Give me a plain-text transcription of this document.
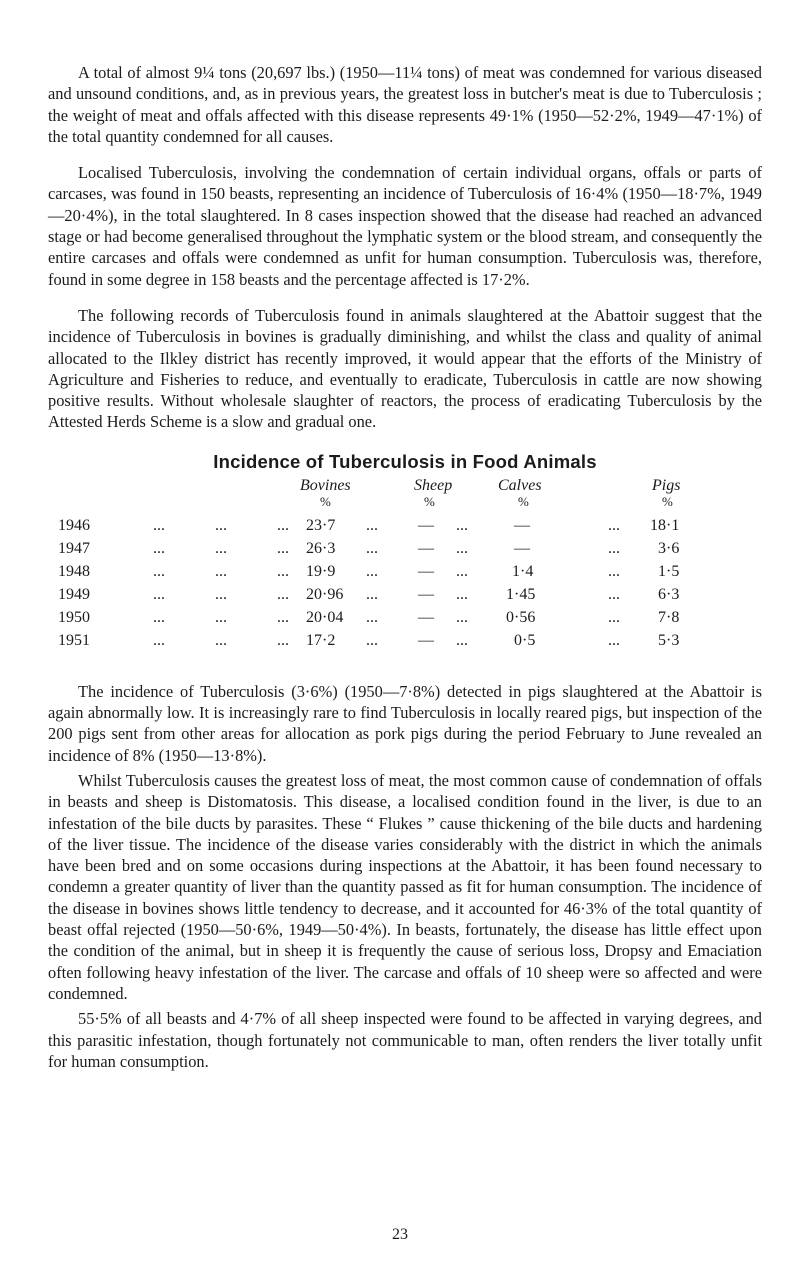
A total of almost 9¼ tons (20,697 lbs.) (1950—11¼ tons) of meat was condemned for various diseased and unsound conditions, and, as in previous years, the greatest loss in butcher's meat is due to Tuberculosis ; the weight of meat and offals affected with this disease represents 49·1% (1950—52·2%, 1949—47·1%) of the total quantity condemned for all causes.

Localised Tuberculosis, involving the condemnation of certain individual organs, offals or parts of carcases, was found in 150 beasts, representing an incidence of Tuberculosis of 16·4% (1950—18·7%, 1949—20·4%), in the total slaughtered. In 8 cases inspection showed that the disease had reached an advanced stage or had become generalised throughout the lymphatic system or the blood stream, and consequently the entire carcases and offals were condemned as unfit for human consumption. Tuberculosis was, therefore, found in some degree in 158 beasts and the percentage affected is 17·2%.

The following records of Tuberculosis found in animals slaughtered at the Abattoir suggest that the incidence of Tuberculosis in bovines is gradually diminishing, and whilst the class and quality of animal allocated to the Ilkley district has recently improved, it would appear that the efforts of the Ministry of Agriculture and Fisheries to reduce, and eventually to eradicate, Tuberculosis in cattle are now showing positive results. Without wholesale slaughter of reactors, the process of eradicating Tuberculosis by the Attested Herds Scheme is a slow and gradual one.

Incidence of Tuberculosis in Food Animals
Bovines	Sheep	Calves	Pigs
%	%	%	%
1946	...	...	... 23·7 ...	— ...	—	... 18·1
1947	...	...	... 26·3 ...	— ...	—	... 3·6
1948	...	...	... 19·9 ...	— ...	1·4	... 1·5
1949	...	...	... 20·96 ...	— ... 1·45	... 6·3
1950	...	...	... 20·04 ...	— ... 0·56	... 7·8
1951	...	...	... 17·2 ...	— ...	0·5	... 5·3

The incidence of Tuberculosis (3·6%) (1950—7·8%) detected in pigs slaughtered at the Abattoir is again abnormally low. It is increasingly rare to find Tuberculosis in locally reared pigs, but inspection of the 200 pigs sent from other areas for allocation as pork pigs during the period February to June revealed an incidence of 8% (1950—13·8%).

Whilst Tuberculosis causes the greatest loss of meat, the most common cause of condemnation of offals in beasts and sheep is Distomatosis. This disease, a localised condition found in the liver, is due to an infestation of the bile ducts by parasites. These “ Flukes ” cause thickening of the bile ducts and hardening of the liver tissue. The incidence of the disease varies considerably with the district in which the animals have been bred and on some occasions during inspections at the Abattoir, it has been found necessary to condemn a greater quantity of liver than the quantity passed as fit for human consumption. The incidence of the disease in bovines shows little tendency to decrease, and it accounted for 46·3% of the total quantity of beast offal rejected (1950—50·6%, 1949—50·4%). In beasts, fortunately, the disease has little effect upon the condition of the animal, but in sheep it is frequently the cause of serious loss, Dropsy and Emaciation often following heavy infestation of the liver. The carcase and offals of 10 sheep were so affected and were condemned.

55·5% of all beasts and 4·7% of all sheep inspected were found to be affected in varying degrees, and this parasitic infestation, though fortunately not communicable to man, often renders the liver totally unfit for human consumption.

23
